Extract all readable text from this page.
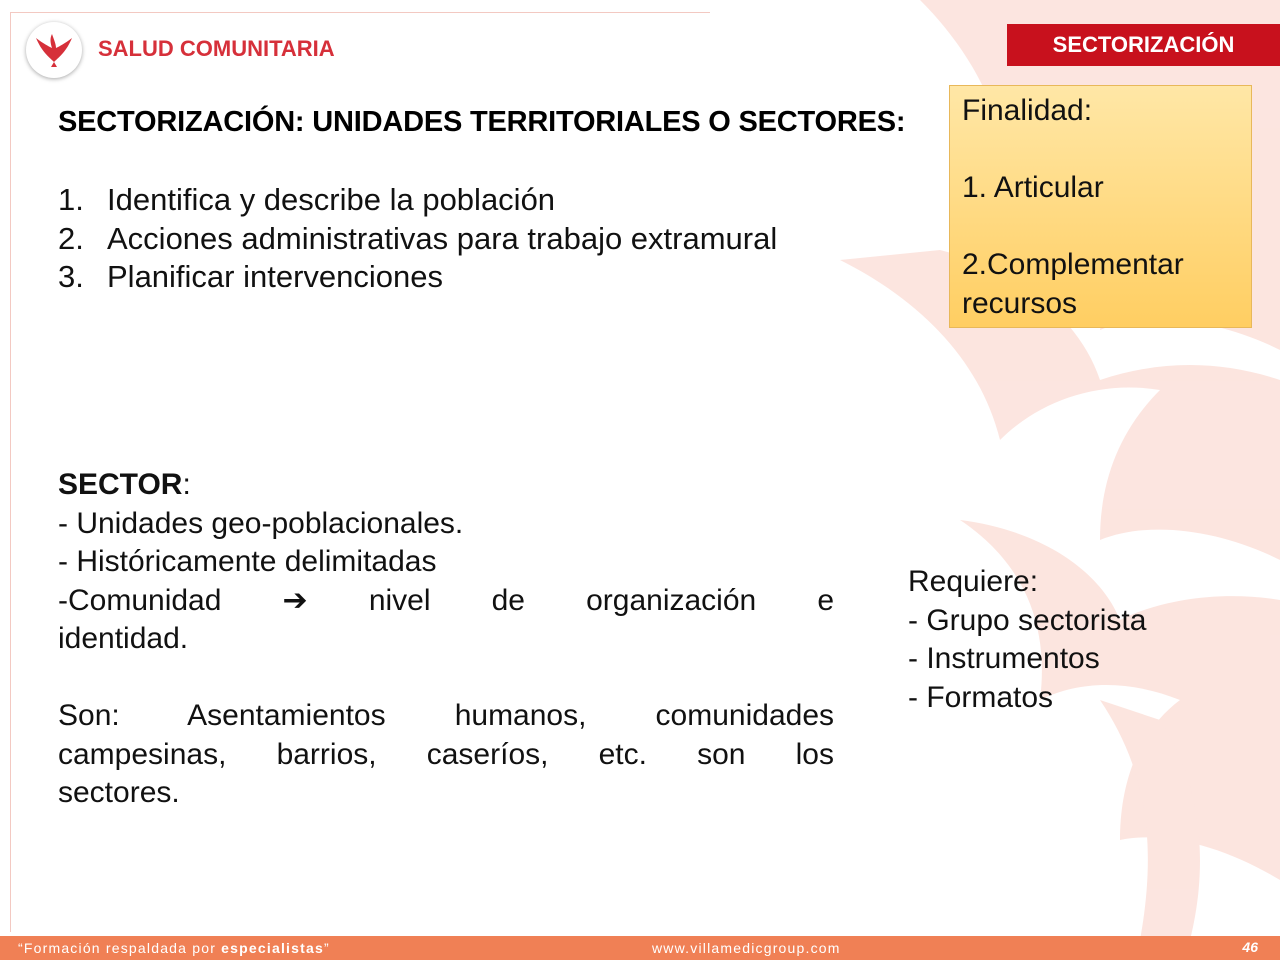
SALUD COMUNITARIA	SECTORIZACIÓN
SECTORIZACIÓN: UNIDADES TERRITORIALES O SECTORES:
1. Identifica y describe la población
2. Acciones administrativas para trabajo extramural
3. Planificar intervenciones
Finalidad:
1. Articular
2.Complementar
recursos

SECTOR:

- Unidades geo-poblacionales.

- Históricamente delimitadas

-Comunidad ➔ nivel de organización e

identidad.

Son: Asentamientos humanos, comunidades

campesinas, barrios, caseríos, etc. son los

sectores.

Requiere:
- Grupo sectorista
- Instrumentos
- Formatos
“Formación respaldada por especialistas”	www.villamedicgroup.com	46
